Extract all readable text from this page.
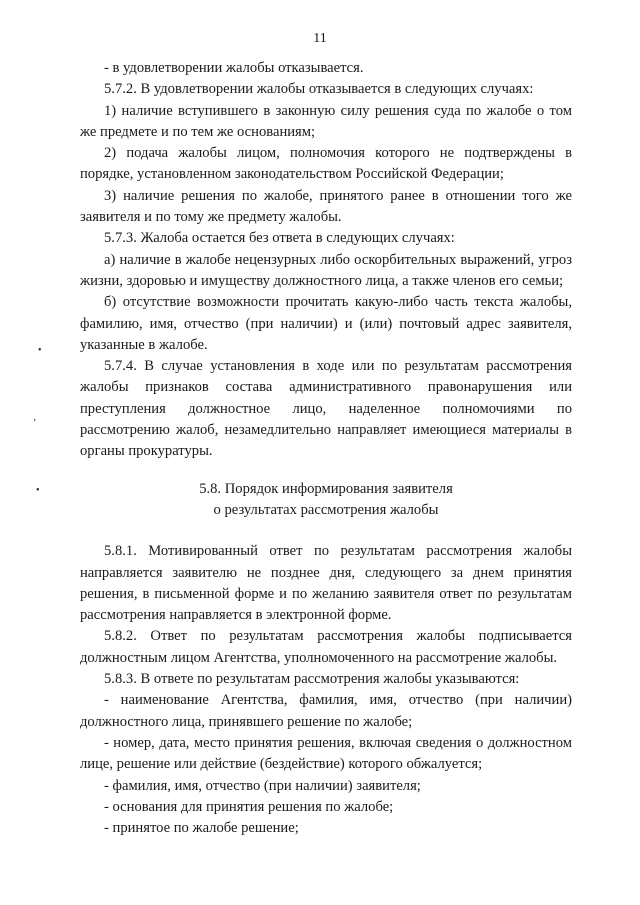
11
•
ʼ
•

- в удовлетворении жалобы отказывается.

5.7.2. В удовлетворении жалобы отказывается в следующих случаях:

1) наличие вступившего в законную силу решения суда по жалобе о том же предмете и по тем же основаниям;

2) подача жалобы лицом, полномочия которого не подтверждены в порядке, установленном законодательством Российской Федерации;

3) наличие решения по жалобе, принятого ранее в отношении того же заявителя и по тому же предмету жалобы.

5.7.3. Жалоба остается без ответа в следующих случаях:

а) наличие в жалобе нецензурных либо оскорбительных выражений, угроз жизни, здоровью и имуществу должностного лица, а также членов его семьи;

б) отсутствие возможности прочитать какую-либо часть текста жалобы, фамилию, имя, отчество (при наличии) и (или) почтовый адрес заявителя, указанные в жалобе.

5.7.4. В случае установления в ходе или по результатам рассмотрения жалобы признаков состава административного правонарушения или преступления должностное лицо, наделенное полномочиями по рассмотрению жалоб, незамедлительно направляет имеющиеся материалы в органы прокуратуры.

5.8. Порядок информирования заявителя
о результатах рассмотрения жалобы

5.8.1. Мотивированный ответ по результатам рассмотрения жалобы направляется заявителю не позднее дня, следующего за днем принятия решения, в письменной форме и по желанию заявителя ответ по результатам рассмотрения направляется в электронной форме.

5.8.2. Ответ по результатам рассмотрения жалобы подписывается должностным лицом Агентства, уполномоченного на рассмотрение жалобы.

5.8.3. В ответе по результатам рассмотрения жалобы указываются:

- наименование Агентства, фамилия, имя, отчество (при наличии) должностного лица, принявшего решение по жалобе;

- номер, дата, место принятия решения, включая сведения о должностном лице, решение или действие (бездействие) которого обжалуется;

- фамилия, имя, отчество (при наличии) заявителя;

- основания для принятия решения по жалобе;

- принятое по жалобе решение;
